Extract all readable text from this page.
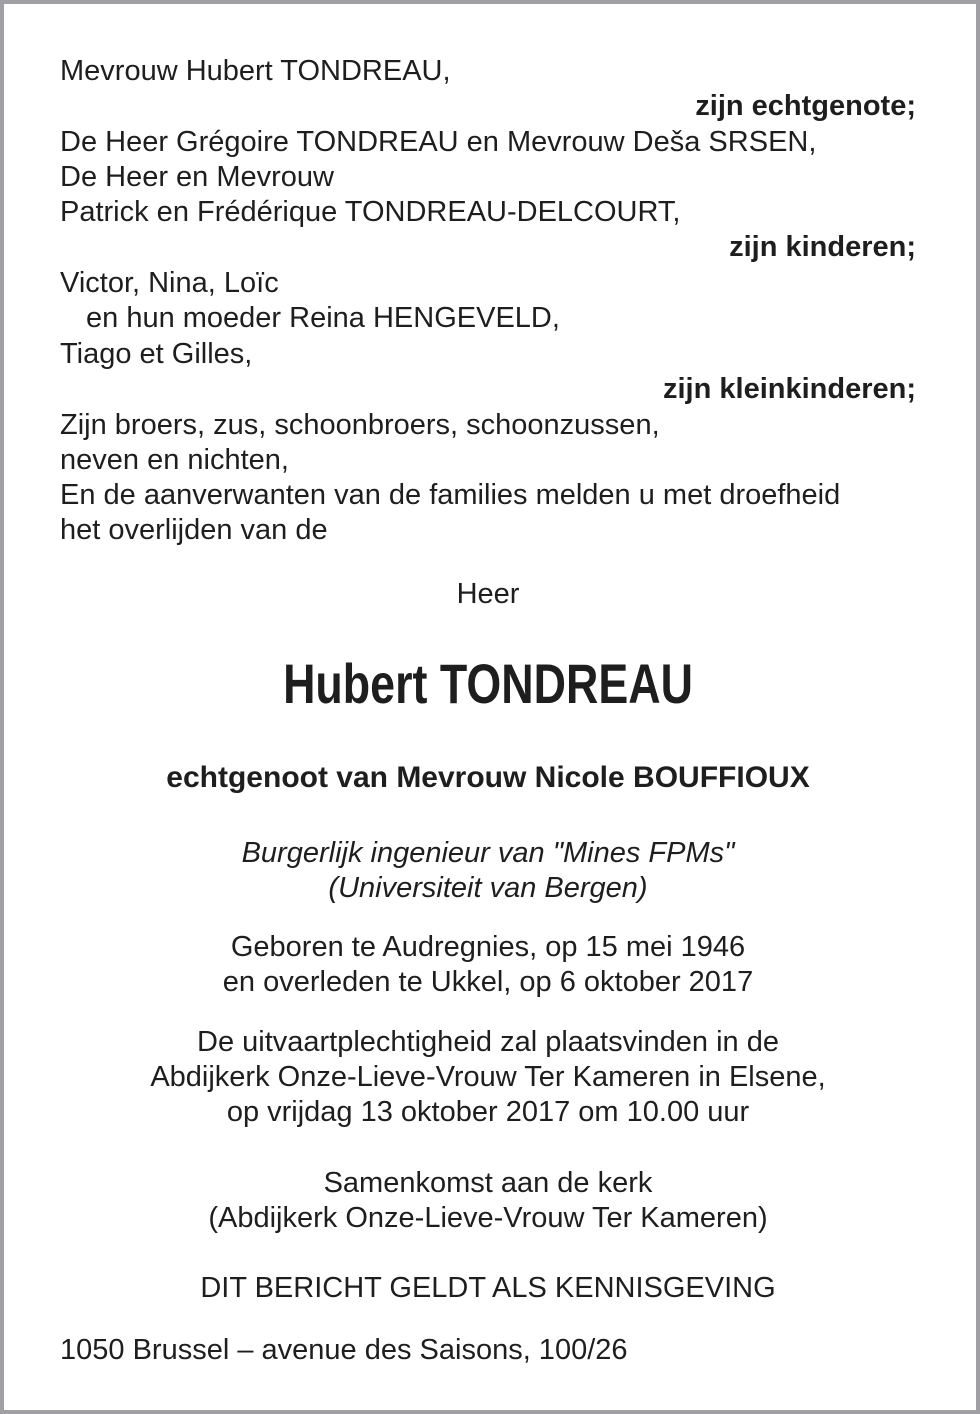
Mevrouw Hubert TONDREAU,
zijn echtgenote;
De Heer Grégoire TONDREAU en Mevrouw Deša SRSEN,
De Heer en Mevrouw
Patrick en Frédérique TONDREAU-DELCOURT,
zijn kinderen;
Victor, Nina, Loïc
en hun moeder Reina HENGEVELD,
Tiago et Gilles,
zijn kleinkinderen;
Zijn broers, zus, schoonbroers, schoonzussen,
neven en nichten,
En de aanverwanten van de families melden u met droefheid
het overlijden van de
Heer
Hubert TONDREAU
echtgenoot van Mevrouw Nicole BOUFFIOUX
Burgerlijk ingenieur van "Mines FPMs"
(Universiteit van Bergen)
Geboren te Audregnies, op 15 mei 1946
en overleden te Ukkel, op 6 oktober 2017
De uitvaartplechtigheid zal plaatsvinden in de
Abdijkerk Onze-Lieve-Vrouw Ter Kameren in Elsene,
op vrijdag 13 oktober 2017 om 10.00 uur
Samenkomst aan de kerk
(Abdijkerk Onze-Lieve-Vrouw Ter Kameren)
DIT BERICHT GELDT ALS KENNISGEVING
1050 Brussel – avenue des Saisons, 100/26
